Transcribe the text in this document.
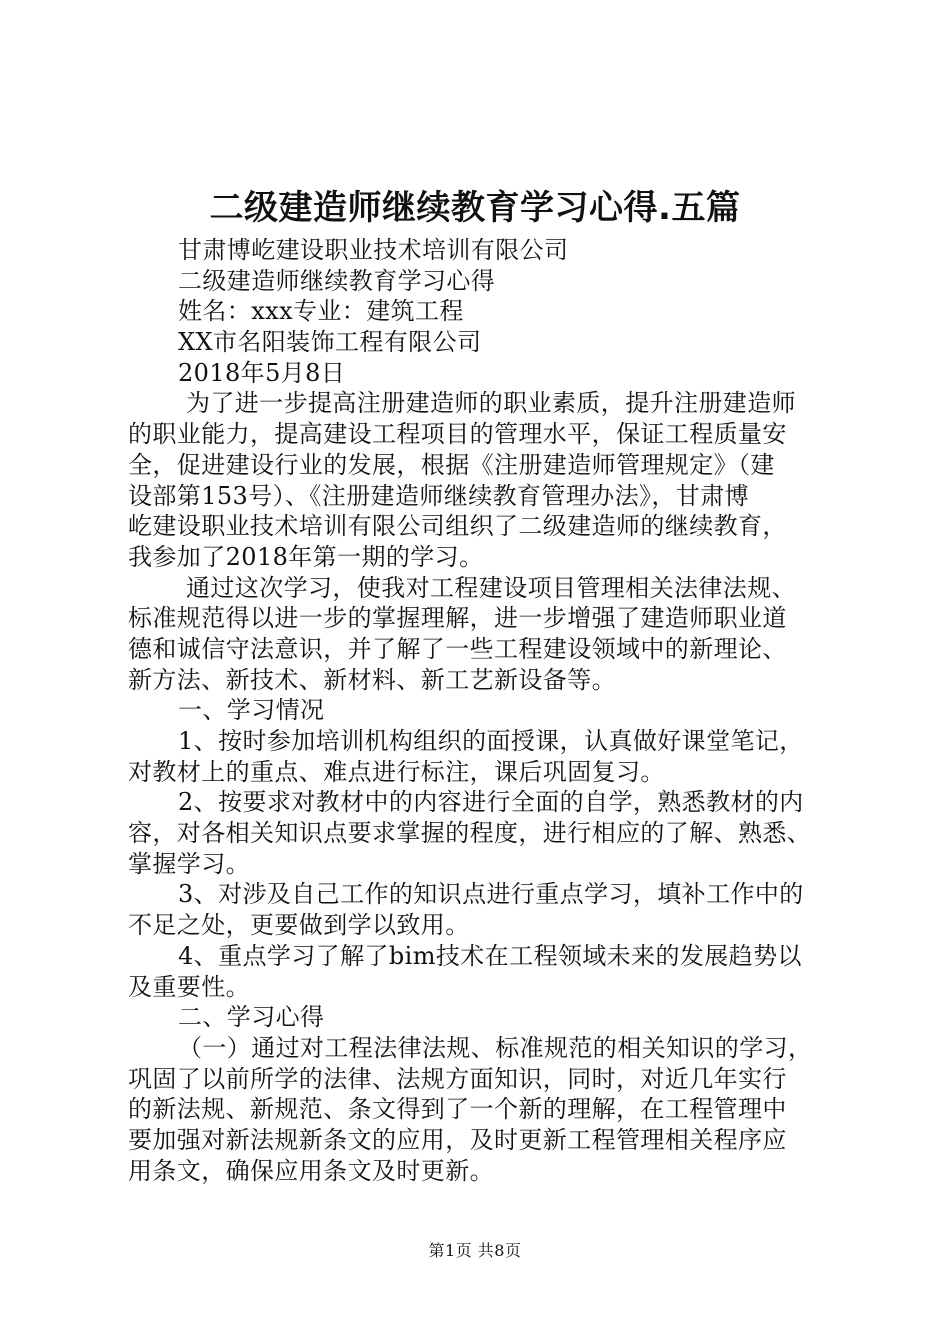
二级建造师继续教育学习心得.五篇
甘肃博屹建设职业技术培训有限公司
二级建造师继续教育学习心得
姓名：xxx专业：建筑工程
XX市名阳装饰工程有限公司
2018年5月8日
为了进一步提高注册建造师的职业素质，提升注册建造师
的职业能力，提高建设工程项目的管理水平，保证工程质量安
全，促进建设行业的发展，根据《注册建造师管理规定》（建
设部第153号）、《注册建造师继续教育管理办法》，甘肃博
屹建设职业技术培训有限公司组织了二级建造师的继续教育，
我参加了2018年第一期的学习。
通过这次学习，使我对工程建设项目管理相关法律法规、
标准规范得以进一步的掌握理解，进一步增强了建造师职业道
德和诚信守法意识，并了解了一些工程建设领域中的新理论、
新方法、新技术、新材料、新工艺新设备等。
一、学习情况
1、按时参加培训机构组织的面授课，认真做好课堂笔记，
对教材上的重点、难点进行标注，课后巩固复习。
2、按要求对教材中的内容进行全面的自学，熟悉教材的内
容，对各相关知识点要求掌握的程度，进行相应的了解、熟悉、
掌握学习。
3、对涉及自己工作的知识点进行重点学习，填补工作中的
不足之处，更要做到学以致用。
4、重点学习了解了bim技术在工程领域未来的发展趋势以
及重要性。
二、学习心得
（一）通过对工程法律法规、标准规范的相关知识的学习，
巩固了以前所学的法律、法规方面知识，同时，对近几年实行
的新法规、新规范、条文得到了一个新的理解，在工程管理中
要加强对新法规新条文的应用，及时更新工程管理相关程序应
用条文，确保应用条文及时更新。
第1页 共8页
